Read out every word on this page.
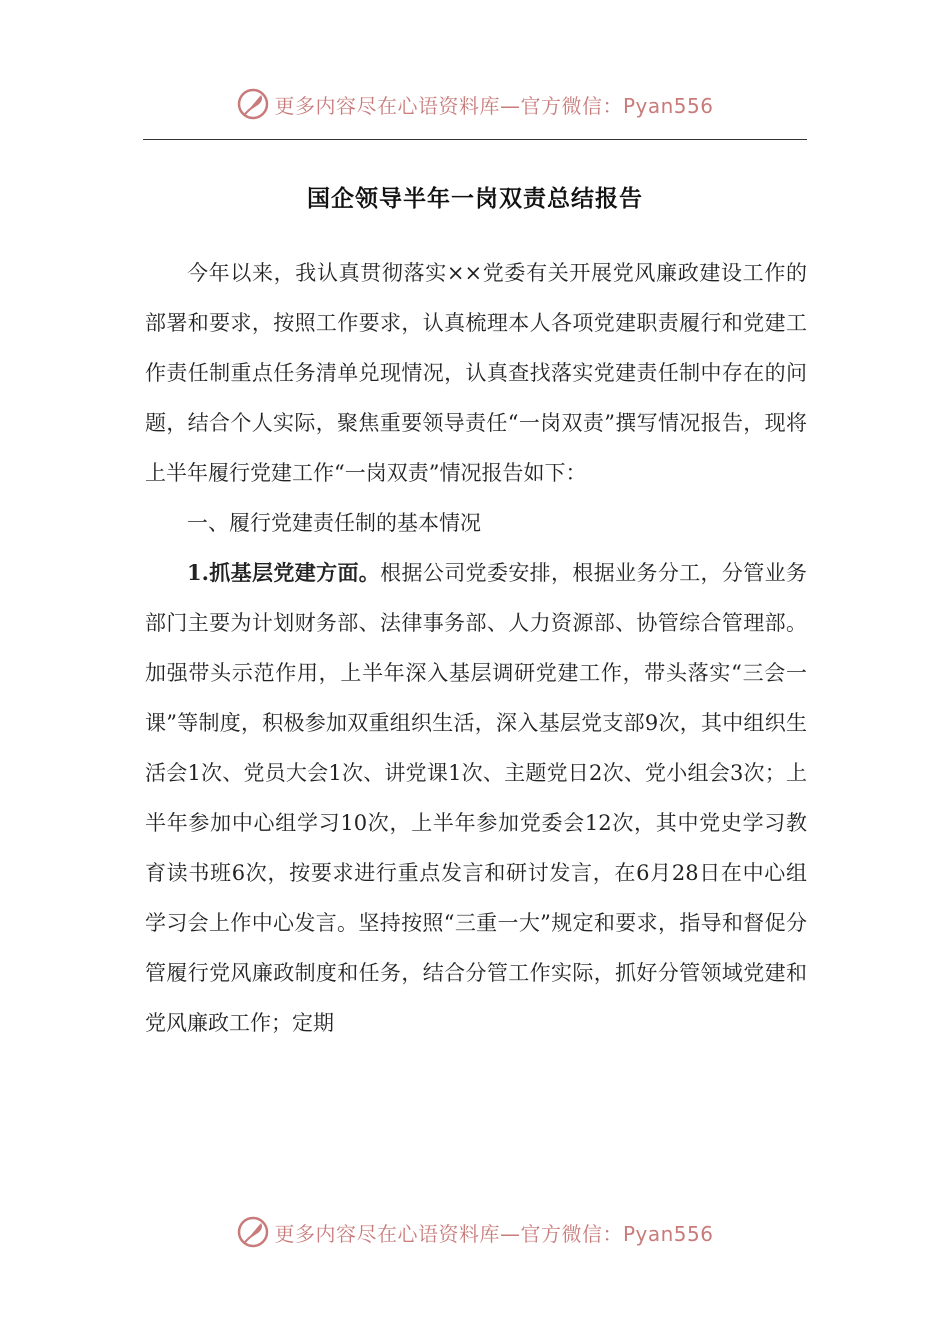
更多内容尽在心语资料库—官方微信：Pyan556
国企领导半年一岗双责总结报告

今年以来，我认真贯彻落实××党委有关开展党风廉政建设工作的部署和要求，按照工作要求，认真梳理本人各项党建职责履行和党建工作责任制重点任务清单兑现情况，认真查找落实党建责任制中存在的问题，结合个人实际，聚焦重要领导责任“一岗双责”撰写情况报告，现将上半年履行党建工作“一岗双责”情况报告如下：

一、履行党建责任制的基本情况

1.抓基层党建方面。根据公司党委安排，根据业务分工，分管业务部门主要为计划财务部、法律事务部、人力资源部、协管综合管理部。加强带头示范作用，上半年深入基层调研党建工作，带头落实“三会一课”等制度，积极参加双重组织生活，深入基层党支部9次，其中组织生活会1次、党员大会1次、讲党课1次、主题党日2次、党小组会3次；上半年参加中心组学习10次，上半年参加党委会12次，其中党史学习教育读书班6次，按要求进行重点发言和研讨发言，在6月28日在中心组学习会上作中心发言。坚持按照“三重一大”规定和要求，指导和督促分管履行党风廉政制度和任务，结合分管工作实际，抓好分管领域党建和党风廉政工作；定期

更多内容尽在心语资料库—官方微信：Pyan556
